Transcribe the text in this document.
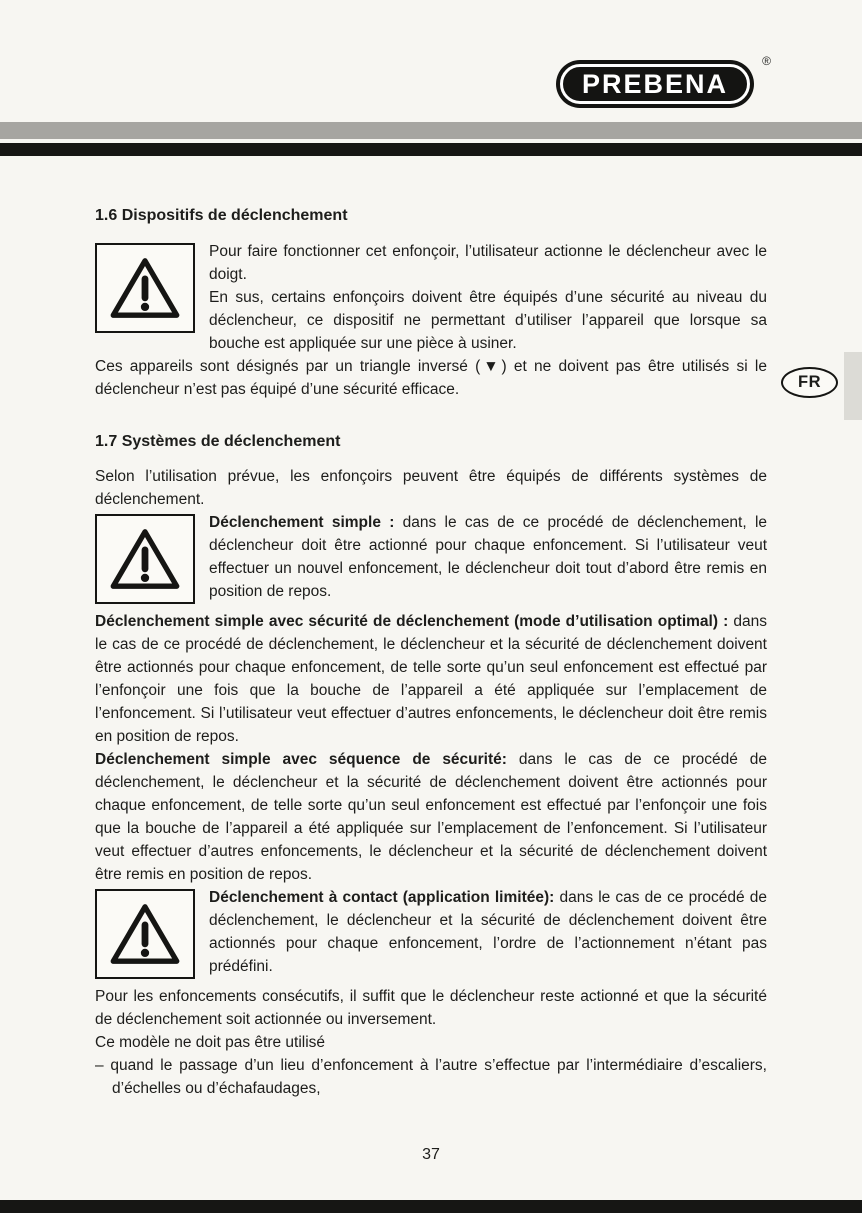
PREBENA
®
FR
1.6 Dispositifs de déclenchement

Pour faire fonctionner cet enfonçoir, l’utilisateur actionne le déclencheur avec le doigt.

En sus, certains enfonçoirs doivent être équipés d’une sécurité au niveau du déclencheur, ce dispositif ne permettant d’utiliser l’appareil que lorsque sa bouche est appliquée sur une pièce à usiner.

Ces appareils sont désignés par un triangle inversé (▼) et ne doivent pas être utilisés si le déclencheur n’est pas équipé d’une sécurité efficace.

1.7 Systèmes de déclenchement

Selon l’utilisation prévue, les enfonçoirs peuvent être équipés de différents systèmes de déclenchement.

Déclenchement simple : dans le cas de ce procédé de déclenchement, le déclencheur doit être actionné pour chaque enfoncement. Si l’utilisateur veut effectuer un nouvel enfoncement, le déclencheur doit tout d’abord être remis en position de repos.

Déclenchement simple avec sécurité de déclenchement (mode d’utilisation optimal) : dans le cas de ce procédé de déclenchement, le déclencheur et la sécurité de déclenchement doivent être actionnés pour chaque enfoncement, de telle sorte qu’un seul enfoncement est effectué par l’enfonçoir une fois que la bouche de l’appareil a été appliquée sur l’emplacement de l’enfoncement. Si l’utilisateur veut effectuer d’autres enfoncements, le déclencheur doit être remis en position de repos.

Déclenchement simple avec séquence de sécurité: dans le cas de ce procédé de déclenchement, le déclencheur et la sécurité de déclenchement doivent être actionnés pour chaque enfoncement, de telle sorte qu’un seul enfoncement est effectué par l’enfonçoir une fois que la bouche de l’appareil a été appliquée sur l’emplacement de l’enfoncement. Si l’utilisateur veut effectuer d’autres enfoncements, le déclencheur et la sécurité de déclenchement doivent être remis en position de repos.

Déclenchement à contact (application limitée): dans le cas de ce procédé de déclenchement, le déclencheur et la sécurité de déclenchement doivent être actionnés pour chaque enfoncement, l’ordre de l’actionnement n’étant pas prédéfini.

Pour les enfoncements consécutifs, il suffit que le déclencheur reste actionné et que la sécurité de déclenchement soit actionnée ou inversement.

Ce modèle ne doit pas être utilisé

– quand le passage d’un lieu d’enfoncement à l’autre s’effectue par l’intermédiaire d’escaliers, d’échelles ou d’échafaudages,

37
